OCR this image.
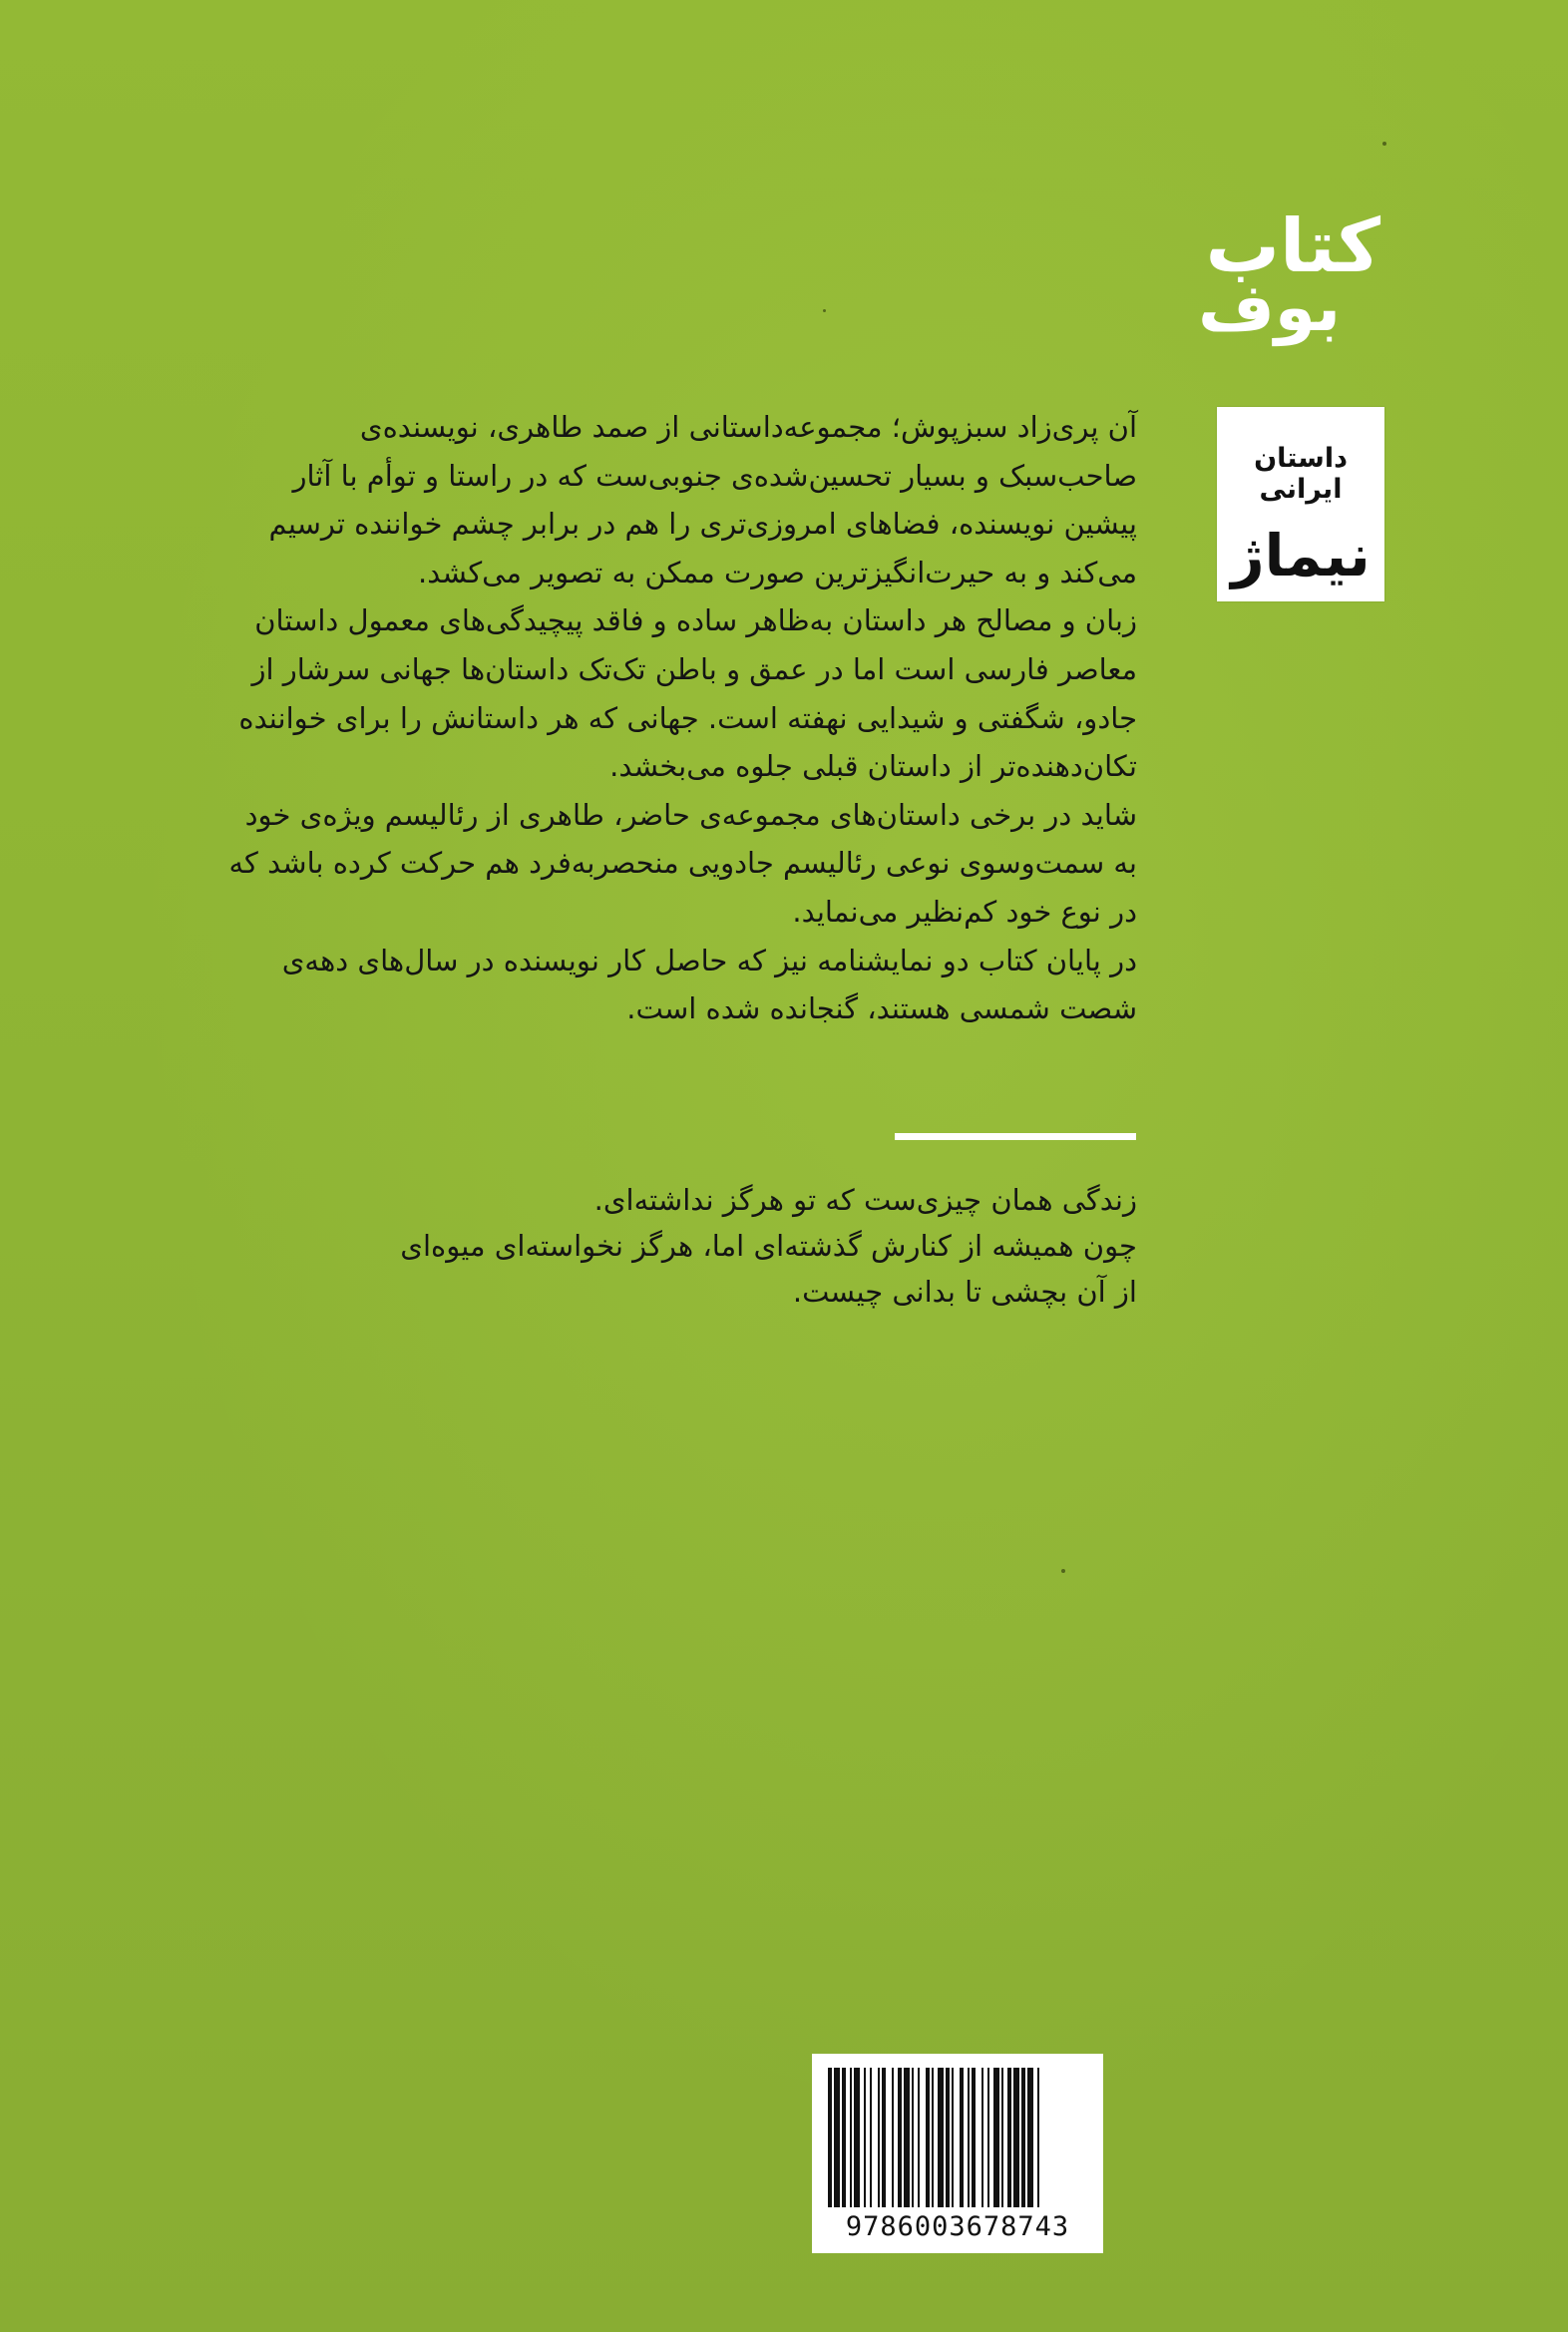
کتاب
بوف
داستان ایرانی
نیماژ

آن پری‌زاد سبزپوش؛ مجموعه‌داستانی از صمد طاهری، نویسنده‌ی صاحب‌سبک و بسیار تحسین‌شده‌ی جنوبی‌ست که در راستا و توأم با آثار پیشین نویسنده، فضاهای امروزی‌تری را هم در برابر چشم خواننده ترسیم می‌کند و به حیرت‌انگیزترین صورت ممکن به تصویر می‌کشد.

زبان و مصالح هر داستان به‌ظاهر ساده و فاقد پیچیدگی‌های معمول داستان معاصر فارسی است اما در عمق و باطن تک‌تک داستان‌ها جهانی سرشار از جادو، شگفتی و شیدایی نهفته است. جهانی که هر داستانش را برای خواننده تکان‌دهنده‌تر از داستان قبلی جلوه می‌بخشد.

شاید در برخی داستان‌های مجموعه‌ی حاضر، طاهری از رئالیسم ویژه‌ی خود به سمت‌وسوی نوعی رئالیسم جادویی منحصربه‌فرد هم حرکت کرده باشد که در نوع خود کم‌نظیر می‌نماید.

در پایان کتاب دو نمایشنامه نیز که حاصل کار نویسنده در سال‌های دهه‌ی شصت شمسی هستند، گنجانده شده است.

زندگی همان چیزی‌ست که تو هرگز نداشته‌ای.

چون همیشه از کنارش گذشته‌ای اما، هرگز نخواسته‌ای میوه‌ای

از آن بچشی تا بدانی چیست.

9786003678743
